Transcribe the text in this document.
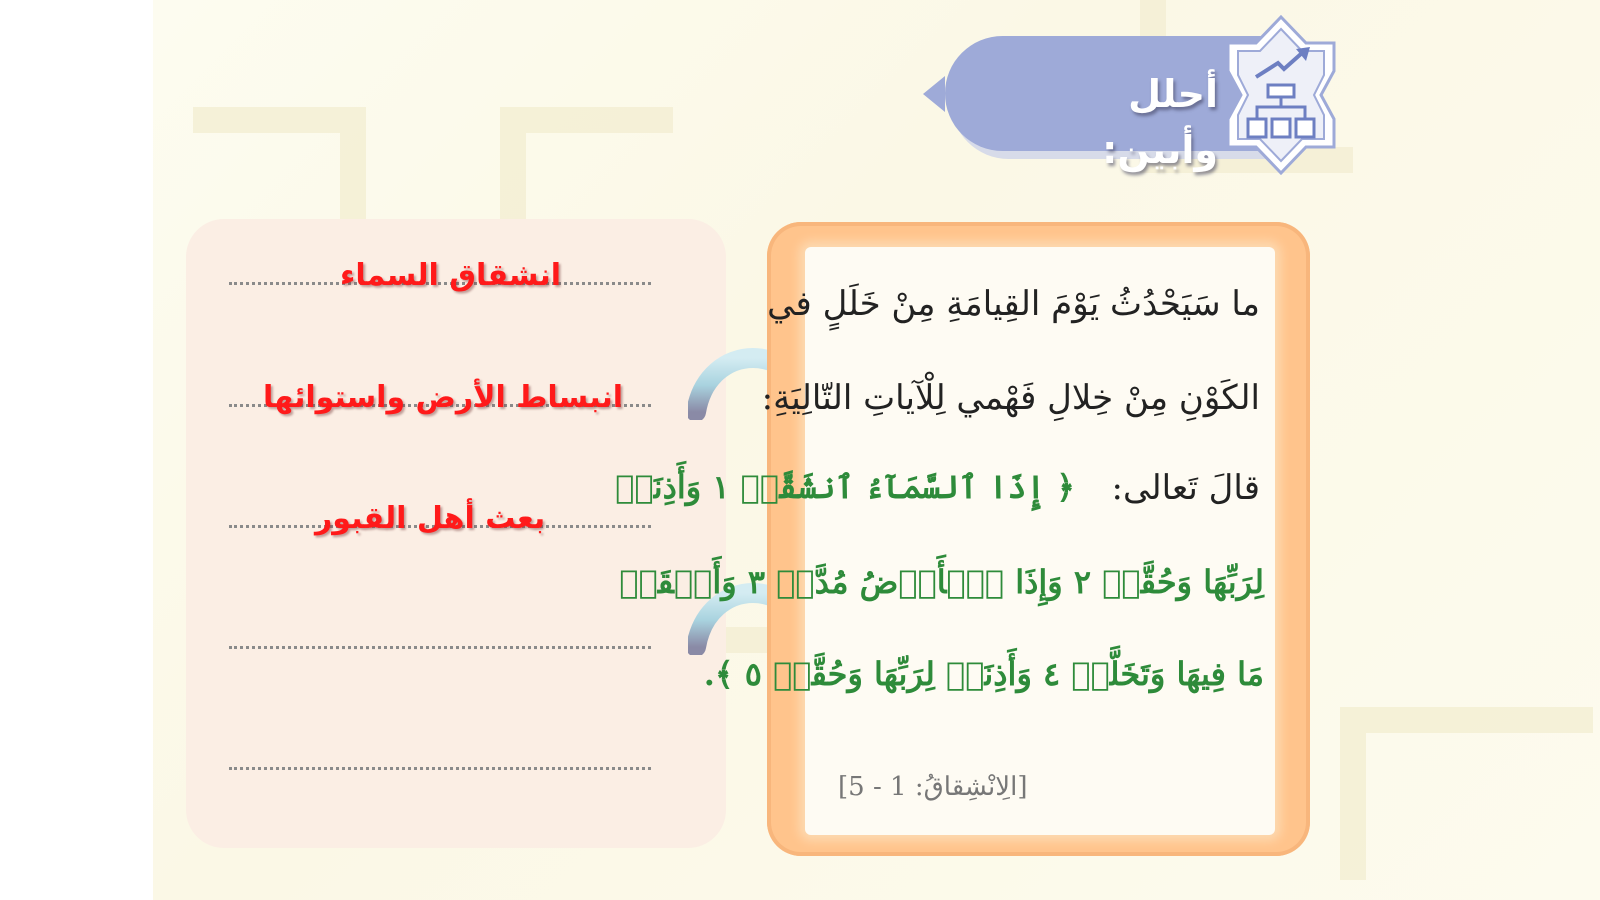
أحلل وأبين:
انشقاق السماء
انبساط الأرض واستوائها
بعث أهل القبور
ما سَيَحْدُثُ يَوْمَ القِيامَةِ مِنْ خَلَلٍ في
الكَوْنِ مِنْ خِلالِ فَهْمي لِلْآياتِ التّالِيَةِ:
قالَ تَعالى:
﴿ إِذَا ٱلسَّمَآءُ ٱنشَقَّتۡ ١ وَأَذِنَتۡ
لِرَبِّهَا وَحُقَّتۡ ٢ وَإِذَا ٱلۡأَرۡضُ مُدَّتۡ ٣ وَأَلۡقَتۡ
مَا فِيهَا وَتَخَلَّتۡ ٤ وَأَذِنَتۡ لِرَبِّهَا وَحُقَّتۡ ٥ ﴾.
[الِانْشِقاقُ: 1 - 5]
